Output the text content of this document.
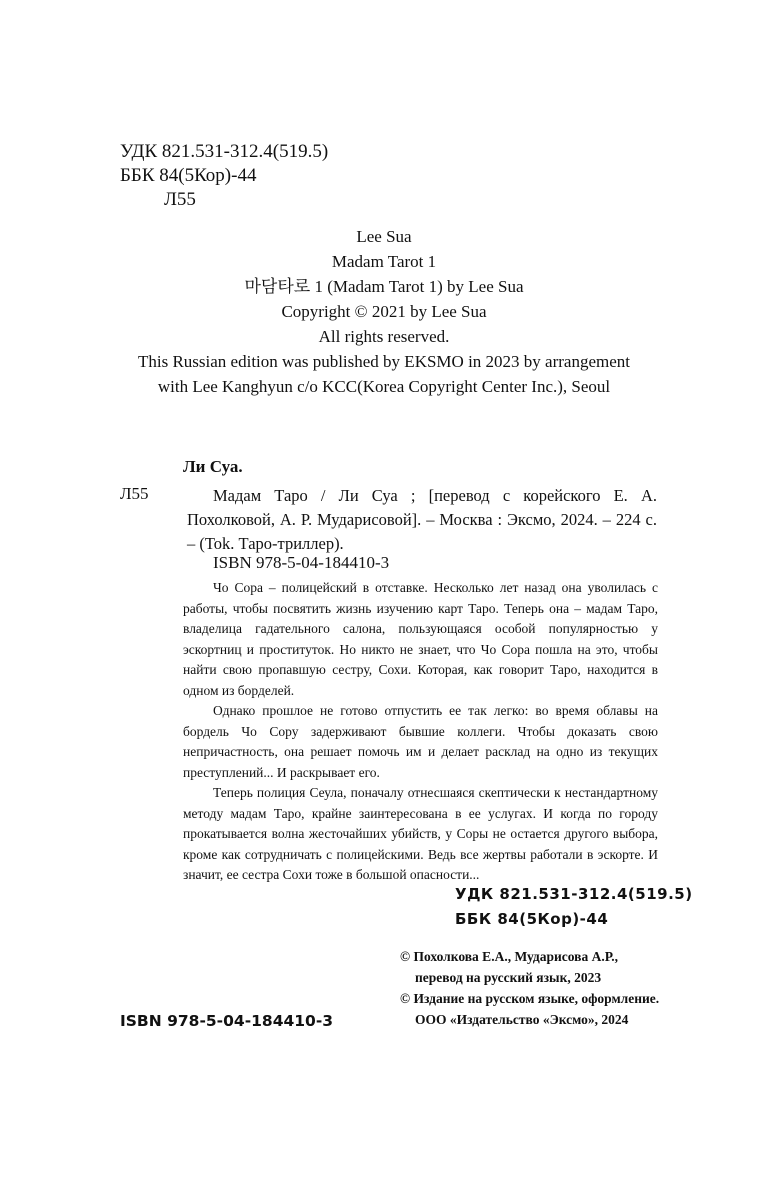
УДК 821.531-312.4(519.5)
ББК 84(5Кор)-44
Л55
Lee Sua
Madam Tarot 1
마담타로 1 (Madam Tarot 1) by Lee Sua
Copyright © 2021 by Lee Sua
All rights reserved.
This Russian edition was published by EKSMO in 2023 by arrangement
with Lee Kanghyun c/o KCC(Korea Copyright Center Inc.), Seoul
Ли Суа.
Л55	Мадам Таро / Ли Суа ; [перевод с корейского Е. А. Похолковой, А. Р. Мударисовой]. – Москва : Эксмо, 2024. – 224 с. – (Tok. Таро-триллер).
ISBN 978-5-04-184410-3

Чо Сора – полицейский в отставке. Несколько лет назад она уволилась с работы, чтобы посвятить жизнь изучению карт Таро. Теперь она – мадам Таро, владелица гадательного салона, пользующаяся особой популярностью у эскортниц и проституток. Но никто не знает, что Чо Сора пошла на это, чтобы найти свою пропавшую сестру, Сохи. Которая, как говорит Таро, находится в одном из борделей.

Однако прошлое не готово отпустить ее так легко: во время облавы на бордель Чо Сору задерживают бывшие коллеги. Чтобы доказать свою непричастность, она решает помочь им и делает расклад на одно из текущих преступлений... И раскрывает его.

Теперь полиция Сеула, поначалу отнесшаяся скептически к нестандартному методу мадам Таро, крайне заинтересована в ее услугах. И когда по городу прокатывается волна жесточайших убийств, у Соры не остается другого выбора, кроме как сотрудничать с полицейскими. Ведь все жертвы работали в эскорте. И значит, ее сестра Сохи тоже в большой опасности...

УДК 821.531-312.4(519.5)
ББК 84(5Кор)-44
© Похолкова Е.А., Мударисова А.Р.,
перевод на русский язык, 2023
© Издание на русском языке, оформление.
ООО «Издательство «Эксмо», 2024
ISBN 978-5-04-184410-3
